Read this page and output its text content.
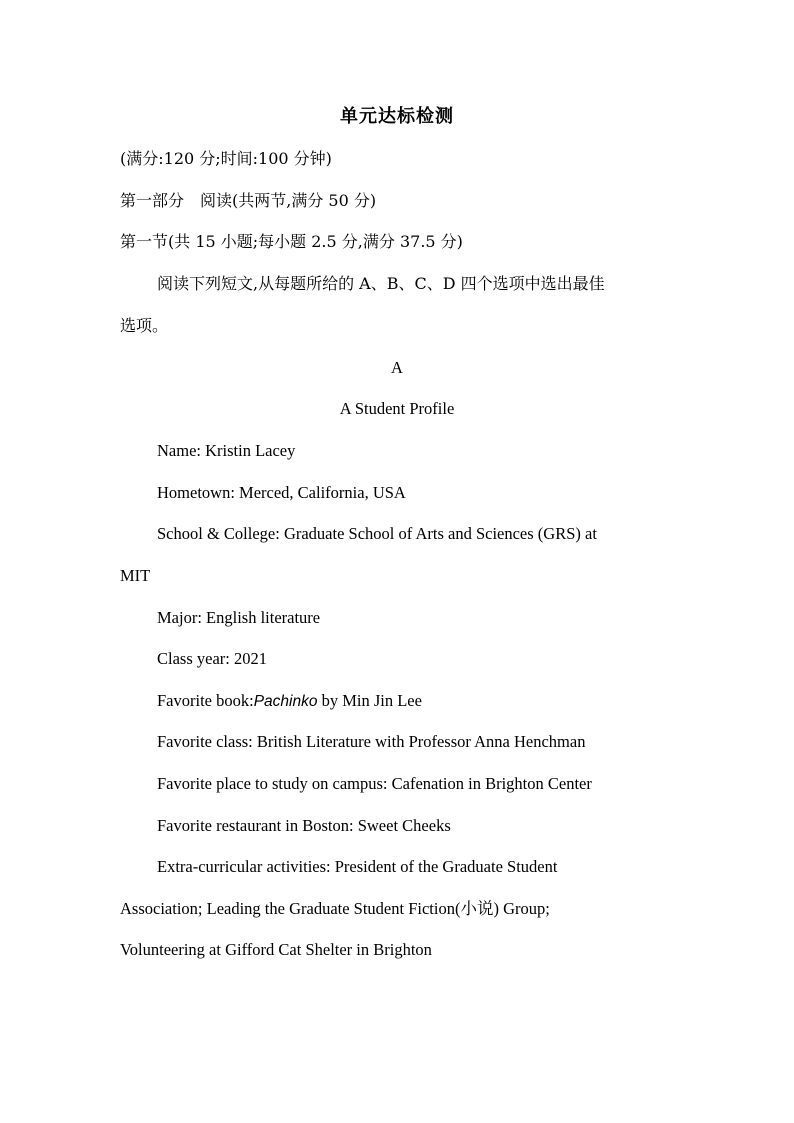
单元达标检测
(满分:120 分;时间:100 分钟)
第一部分　阅读(共两节,满分 50 分)
第一节(共 15 小题;每小题 2.5 分,满分 37.5 分)
阅读下列短文,从每题所给的 A、B、C、D 四个选项中选出最佳
选项。
A
A Student Profile
Name: Kristin Lacey
Hometown: Merced, California, USA
School & College: Graduate School of Arts and Sciences (GRS) at
MIT
Major: English literature
Class year: 2021
Favorite book:Pachinko by Min Jin Lee
Favorite class: British Literature with Professor Anna Henchman
Favorite place to study on campus: Cafenation in Brighton Center
Favorite restaurant in Boston: Sweet Cheeks
Extra-curricular activities: President of the Graduate Student
Association; Leading the Graduate Student Fiction(小说) Group;
Volunteering at Gifford Cat Shelter in Brighton
